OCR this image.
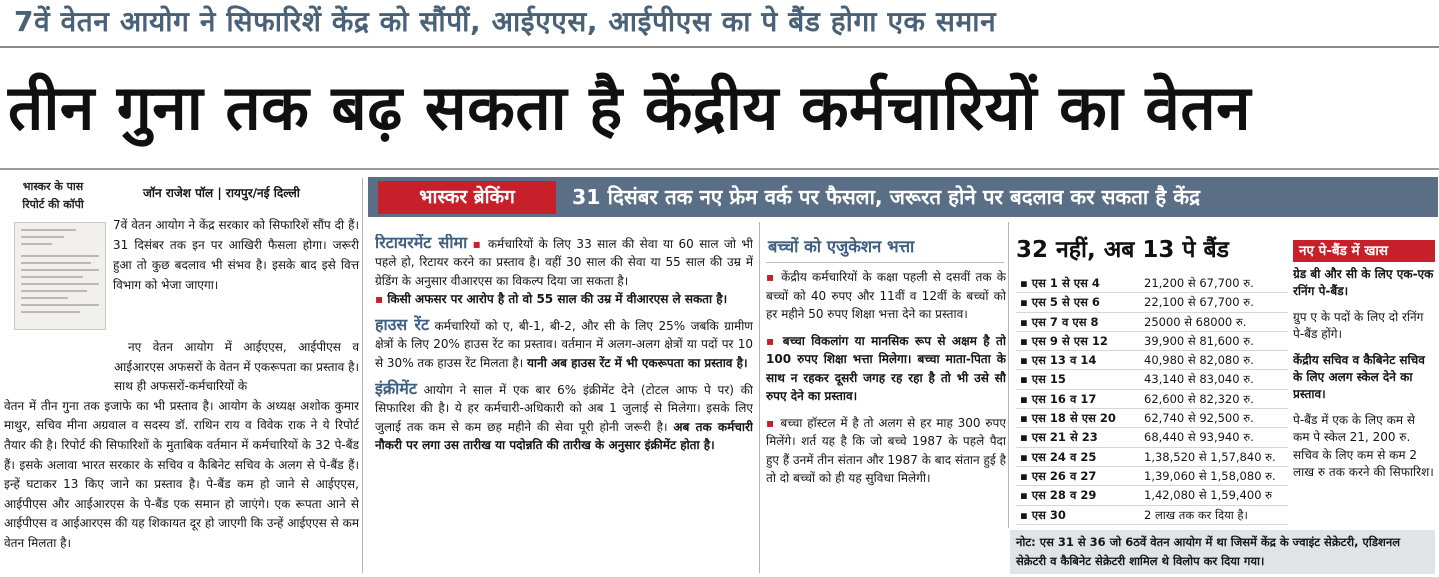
7वें वेतन आयोग ने सिफारिशें केंद्र को सौंपीं, आईएएस, आईपीएस का पे बैंड होगा एक समान
तीन गुना तक बढ़ सकता है केंद्रीय कर्मचारियों का वेतन
भास्कर के पास
रिपोर्ट की कॉपी
जॉन राजेश पॉल | रायपुर/नई दिल्ली

7वें वेतन आयोग ने केंद्र सरकार को सिफारिशें सौंप दी हैं। 31 दिसंबर तक इन पर आखिरी फैसला होगा। जरूरी हुआ तो कुछ बदलाव भी संभव है। इसके बाद इसे वित्त विभाग को भेजा जाएगा।

नए वेतन आयोग में आईएएस, आईपीएस व आईआरएस अफसरों के वेतन में एकरूपता का प्रस्ताव है। साथ ही अफसरों-कर्मचारियों के

वेतन में तीन गुना तक इजाफे का भी प्रस्ताव है। आयोग के अध्यक्ष अशोक कुमार माथुर, सचिव मीना अग्रवाल व सदस्य डॉ. राथिन राय व विवेक राक ने ये रिपोर्ट तैयार की है। रिपोर्ट की सिफारिशों के मुताबिक वर्तमान में कर्मचारियों के 32 पे-बैंड हैं। इसके अलावा भारत सरकार के सचिव व कैबिनेट सचिव के अलग से पे-बैंड हैं। इन्हें घटाकर 13 किए जाने का प्रस्ताव है। पे-बैंड कम हो जाने से आईएएस, आईपीएस और आईआरएस के पे-बैंड एक समान हो जाएंगे। एक रूपता आने से आईपीएस व आईआरएस की यह शिकायत दूर हो जाएगी कि उन्हें आईएएस से कम वेतन मिलता है।

भास्कर ब्रेकिंग	31 दिसंबर तक नए फ्रेम वर्क पर फैसला, जरूरत होने पर बदलाव कर सकता है केंद्र

रिटायरमेंट सीमा ▪ कर्मचारियों के लिए 33 साल की सेवा या 60 साल जो भी पहले हो, रिटायर करने का प्रस्ताव है। वहीं 30 साल की सेवा या 55 साल की उम्र में ग्रेडिंग के अनुसार वीआरएस का विकल्प दिया जा सकता है।

▪ किसी अफसर पर आरोप है तो वो 55 साल की उम्र में वीआरएस ले सकता है।

हाउस रेंट कर्मचारियों को ए, बी-1, बी-2, और सी के लिए 25% जबकि ग्रामीण क्षेत्रों के लिए 20% हाउस रेंट का प्रस्ताव। वर्तमान में अलग-अलग क्षेत्रों या पदों पर 10 से 30% तक हाउस रेंट मिलता है। यानी अब हाउस रेंट में भी एकरूपता का प्रस्ताव है।

इंक्रीमेंट आयोग ने साल में एक बार 6% इंक्रीमेंट देने (टोटल आफ पे पर) की सिफारिश की है। ये हर कर्मचारी-अधिकारी को अब 1 जुलाई से मिलेगा। इसके लिए जुलाई तक कम से कम छह महीने की सेवा पूरी होनी जरूरी है। अब तक कर्मचारी नौकरी पर लगा उस तारीख या पदोन्नति की तारीख के अनुसार इंक्रीमेंट होता है।

बच्चों को एजुकेशन भत्ता

▪ केंद्रीय कर्मचारियों के कक्षा पहली से दसवीं तक के बच्चों को 40 रुपए और 11वीं व 12वीं के बच्चों को हर महीने 50 रुपए शिक्षा भत्ता देने का प्रस्ताव।

▪ बच्चा विकलांग या मानसिक रूप से अक्षम है तो 100 रुपए शिक्षा भत्ता मिलेगा। बच्चा माता-पिता के साथ न रहकर दूसरी जगह रह रहा है तो भी उसे सौ रुपए देने का प्रस्ताव।

▪ बच्चा हॉस्टल में है तो अलग से हर माह 300 रुपए मिलेंगे। शर्त यह है कि जो बच्चे 1987 के पहले पैदा हुए हैं उनमें तीन संतान और 1987 के बाद संतान हुई है तो दो बच्चों को ही यह सुविधा मिलेगी।

32 नहीं, अब 13 पे बैंड
▪ एस 1 से एस 4	21,200 से 67,700 रु.
▪ एस 5 से एस 6	22,100 से 67,700 रु.
▪ एस 7 व एस 8	25000 से 68000 रु.
▪ एस 9 से एस 12	39,900 से 81,600 रु.
▪ एस 13 व 14	40,980 से 82,080 रु.
▪ एस 15	43,140 से 83,040 रु.
▪ एस 16 व 17	62,600 से 82,320 रु.
▪ एस 18 से एस 20	62,740 से 92,500 रु.
▪ एस 21 से 23	68,440 से 93,940 रु.
▪ एस 24 व 25	1,38,520 से 1,57,840 रु.
▪ एस 26 व 27	1,39,060 से 1,58,080 रु.
▪ एस 28 व 29	1,42,080 से 1,59,400 रु
▪ एस 30	2 लाख तक कर दिया है।
नोट: एस 31 से 36 जो 6ठवें वेतन आयोग में था जिसमें केंद्र के ज्वाइंट सेक्रेटरी, एडिशनल सेक्रेटरी व कैबिनेट सेक्रेटरी शामिल थे विलोप कर दिया गया।
नए पे-बैंड में खास

ग्रेड बी और सी के लिए एक-एक रनिंग पे-बैंड।

ग्रुप ए के पदों के लिए दो रनिंग पे-बैंड होंगे।

केंद्रीय सचिव व कैबिनेट सचिव के लिए अलग स्केल देने का प्रस्ताव।

पे-बैंड में एक के लिए कम से कम पे स्केल 21, 200 रु. सचिव के लिए कम से कम 2 लाख रु तक करने की सिफारिश।
